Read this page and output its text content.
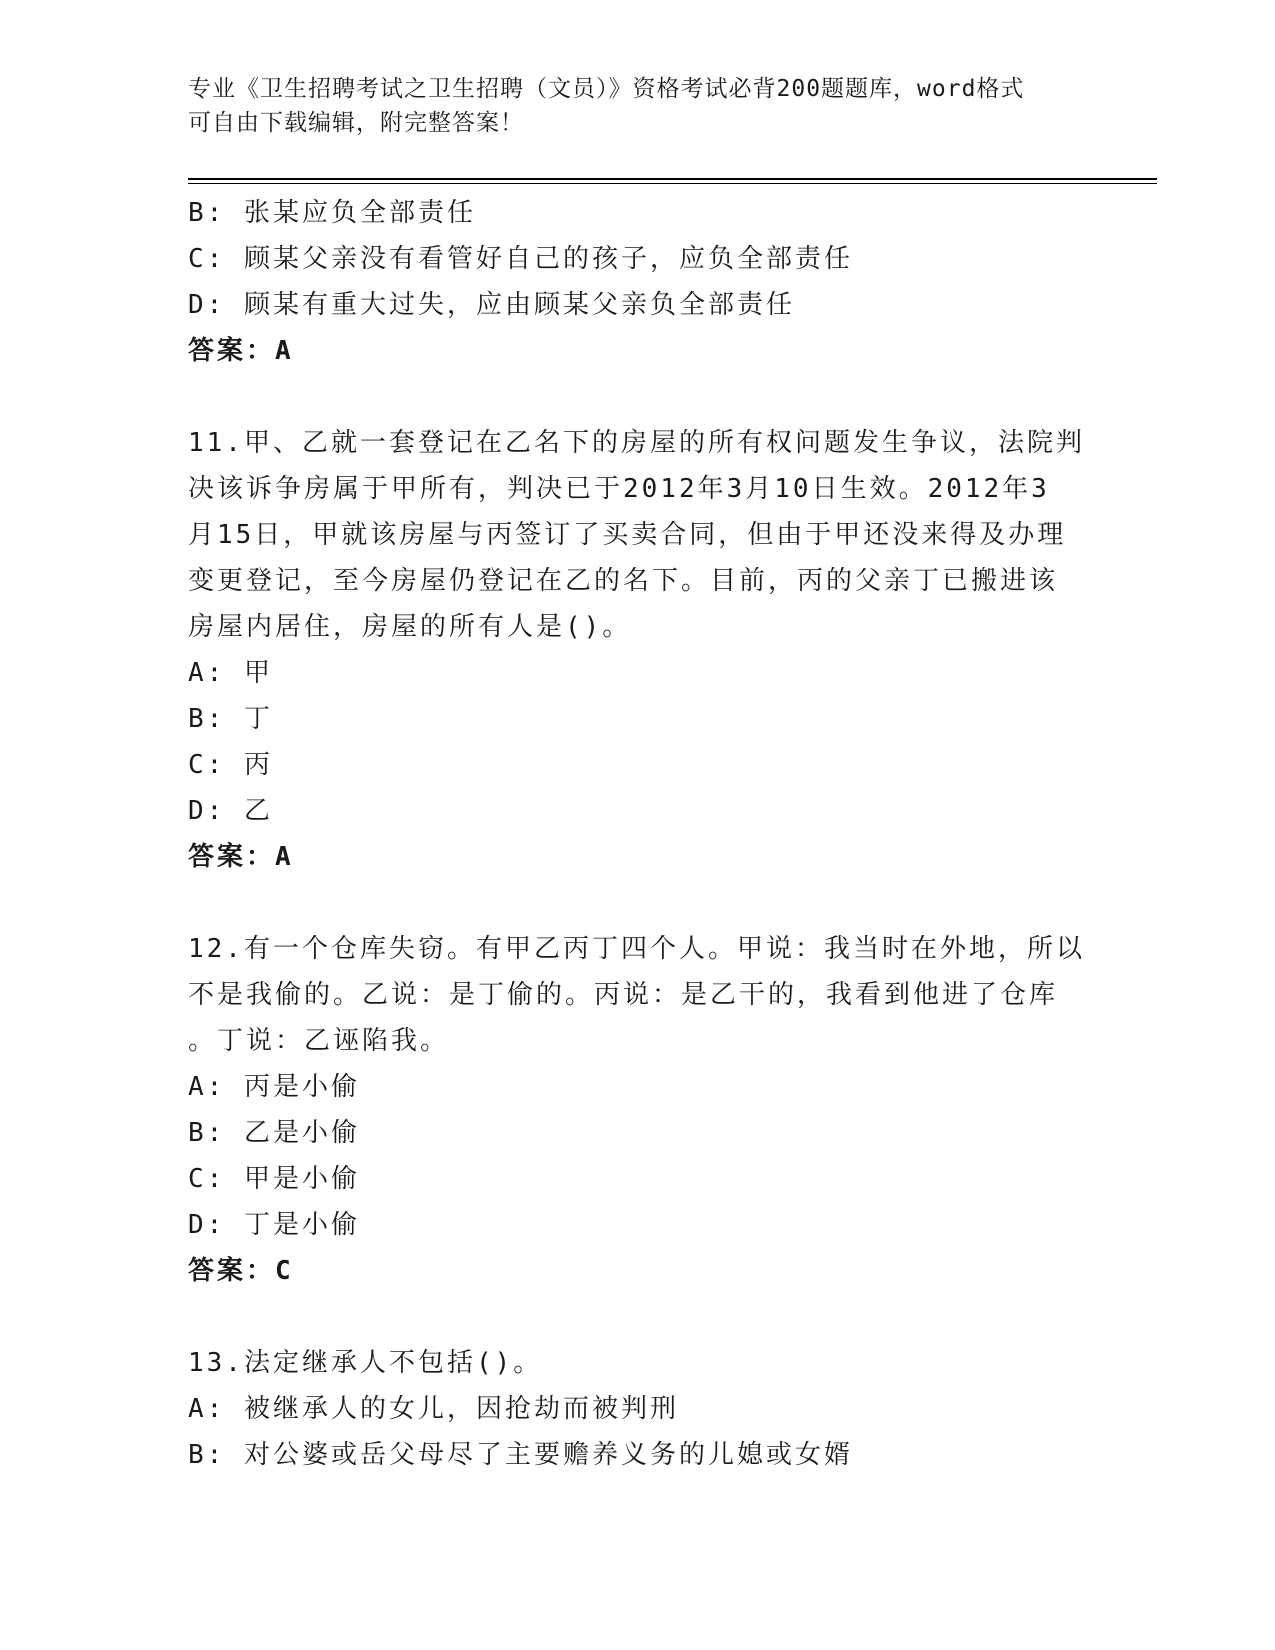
专业《卫生招聘考试之卫生招聘（文员）》资格考试必背200题题库，word格式
可自由下载编辑，附完整答案！
B: 张某应负全部责任
C: 顾某父亲没有看管好自己的孩子，应负全部责任
D: 顾某有重大过失，应由顾某父亲负全部责任
答案：A
11.甲、乙就一套登记在乙名下的房屋的所有权问题发生争议，法院判
决该诉争房属于甲所有，判决已于2012年3月10日生效。2012年3
月15日，甲就该房屋与丙签订了买卖合同，但由于甲还没来得及办理
变更登记，至今房屋仍登记在乙的名下。目前，丙的父亲丁已搬进该
房屋内居住，房屋的所有人是()。
A: 甲
B: 丁
C: 丙
D: 乙
答案：A
12.有一个仓库失窃。有甲乙丙丁四个人。甲说：我当时在外地，所以
不是我偷的。乙说：是丁偷的。丙说：是乙干的，我看到他进了仓库
。丁说：乙诬陷我。
A: 丙是小偷
B: 乙是小偷
C: 甲是小偷
D: 丁是小偷
答案：C
13.法定继承人不包括()。
A: 被继承人的女儿，因抢劫而被判刑
B: 对公婆或岳父母尽了主要赡养义务的儿媳或女婿
